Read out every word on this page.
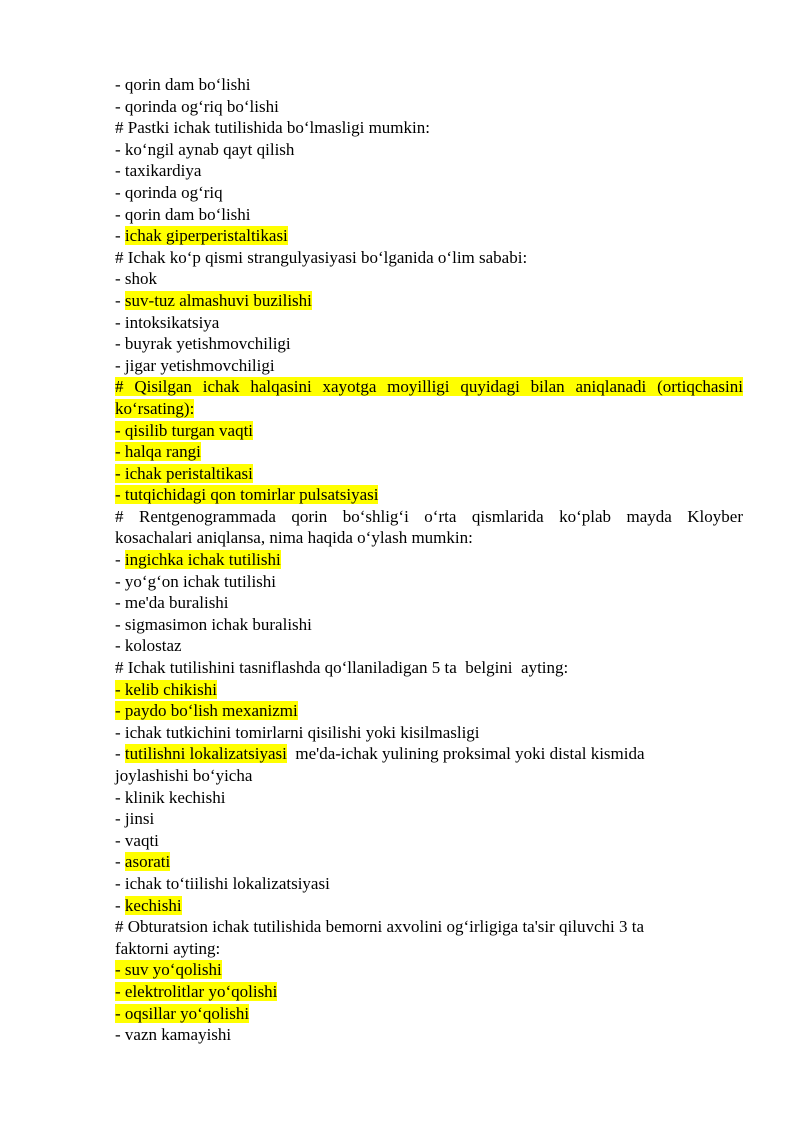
- qorin dam bo‘lishi
- qorinda og‘riq bo‘lishi
# Pastki ichak tutilishida bo‘lmasligi mumkin:
- ko‘ngil aynab qayt qilish
- taxikardiya
- qorinda og‘riq
- qorin dam bo‘lishi
- ichak giperperistaltikasi
# Ichak ko‘p qismi strangulyasiyasi bo‘lganida o‘lim sababi:
- shok
- suv-tuz almashuvi buzilishi
- intoksikatsiya
- buyrak yetishmovchiligi
- jigar yetishmovchiligi
# Qisilgan ichak halqasini xayotga moyilligi quyidagi bilan aniqlanadi (ortiqchasini
ko‘rsating):
- qisilib turgan vaqti
- halqa rangi
- ichak peristaltikasi
- tutqichidagi qon tomirlar pulsatsiyasi
# Rentgenogrammada qorin bo‘shlig‘i o‘rta qismlarida ko‘plab mayda Kloyber
kosachalari aniqlansa, nima haqida o‘ylash mumkin:
- ingichka ichak tutilishi
- yo‘g‘on ichak tutilishi
- me'da buralishi
- sigmasimon ichak buralishi
- kolostaz
# Ichak tutilishini tasniflashda qo‘llaniladigan 5 ta  belgini  ayting:
- kelib chikishi
- paydo bo‘lish mexanizmi
- ichak tutkichini tomirlarni qisilishi yoki kisilmasligi
- tutilishni lokalizatsiyasi  me'da-ichak yulining proksimal yoki distal kismida
joylashishi bo‘yicha
- klinik kechishi
- jinsi
- vaqti
- asorati
- ichak to‘tiilishi lokalizatsiyasi
- kechishi
# Obturatsion ichak tutilishida bemorni axvolini og‘irligiga ta'sir qiluvchi 3 ta
faktorni ayting:
- suv yo‘qolishi
- elektrolitlar yo‘qolishi
- oqsillar yo‘qolishi
- vazn kamayishi
